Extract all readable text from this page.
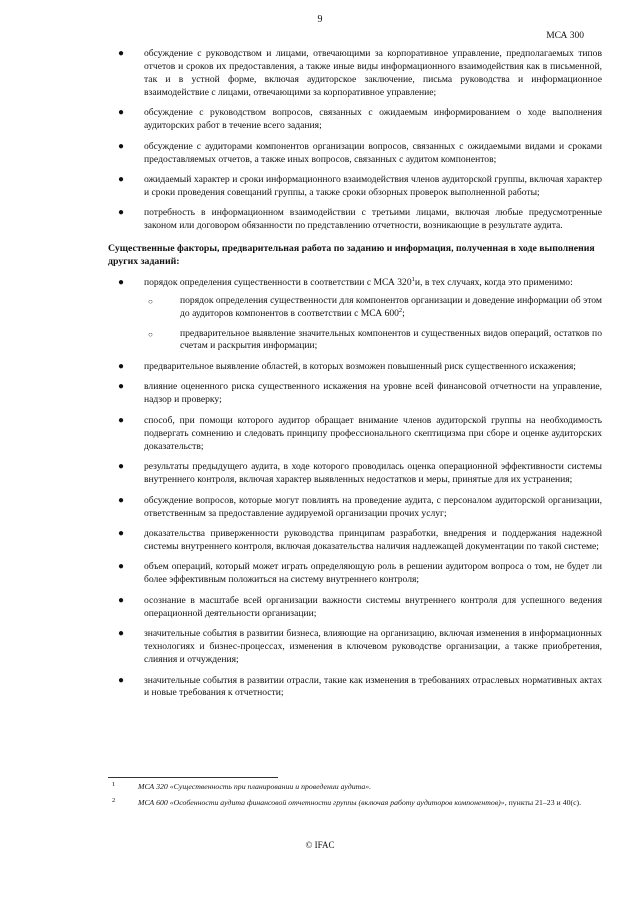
9
МСА 300
● обсуждение с руководством и лицами, отвечающими за корпоративное управление, предполагаемых типов отчетов и сроков их предоставления, а также иные виды информационного взаимодействия как в письменной, так и в устной форме, включая аудиторское заключение, письма руководства и информационное взаимодействие с лицами, отвечающими за корпоративное управление;
● обсуждение с руководством вопросов, связанных с ожидаемым информированием о ходе выполнения аудиторских работ в течение всего задания;
● обсуждение с аудиторами компонентов организации вопросов, связанных с ожидаемыми видами и сроками предоставляемых отчетов, а также иных вопросов, связанных с аудитом компонентов;
● ожидаемый характер и сроки информационного взаимодействия членов аудиторской группы, включая характер и сроки проведения совещаний группы, а также сроки обзорных проверок выполненной работы;
● потребность в информационном взаимодействии с третьими лицами, включая любые предусмотренные законом или договором обязанности по представлению отчетности, возникающие в результате аудита.
Существенные факторы, предварительная работа по заданию и информация, полученная в ходе выполнения других заданий:
● порядок определения существенности в соответствии с МСА $320^1и$, в тех случаях, когда это применимо:
○	порядок определения существенности для компонентов организации и доведение информации об этом до аудиторов компонентов в соответствии с МСА $600^2$;
○	предварительное выявление значительных компонентов и существенных видов операций, остатков по счетам и раскрытия информации;
● предварительное выявление областей, в которых возможен повышенный риск существенного искажения;
● влияние оцененного риска существенного искажения на уровне всей финансовой отчетности на управление, надзор и проверку;
● способ, при помощи которого аудитор обращает внимание членов аудиторской группы на необходимость подвергать сомнению и следовать принципу профессионального скептицизма при сборе и оценке аудиторских доказательств;
● результаты предыдущего аудита, в ходе которого проводилась оценка операционной эффективности системы внутреннего контроля, включая характер выявленных недостатков и меры, принятые для их устранения;
● обсуждение вопросов, которые могут повлиять на проведение аудита, с персоналом аудиторской организации, ответственным за предоставление аудируемой организации прочих услуг;
● доказательства приверженности руководства принципам разработки, внедрения и поддержания надежной системы внутреннего контроля, включая доказательства наличия надлежащей документации по такой системе;
● объем операций, который может играть определяющую роль в решении аудитором вопроса о том, не будет ли более эффективным положиться на систему внутреннего контроля;
● осознание в масштабе всей организации важности системы внутреннего контроля для успешного ведения операционной деятельности организации;
● значительные события в развитии бизнеса, влияющие на организацию, включая изменения в информационных технологиях и бизнес-процессах, изменения в ключевом руководстве организации, а также приобретения, слияния и отчуждения;
● значительные события в развитии отрасли, такие как изменения в требованиях отраслевых нормативных актах и новые требования к отчетности;
1	МСА 320 «Существенность при планировании и проведении аудита».
2	МСА 600 «Особенности аудита финансовой отчетности группы (включая работу аудиторов компонентов)», пункты 21–23 и 40(с).
© IFAC
